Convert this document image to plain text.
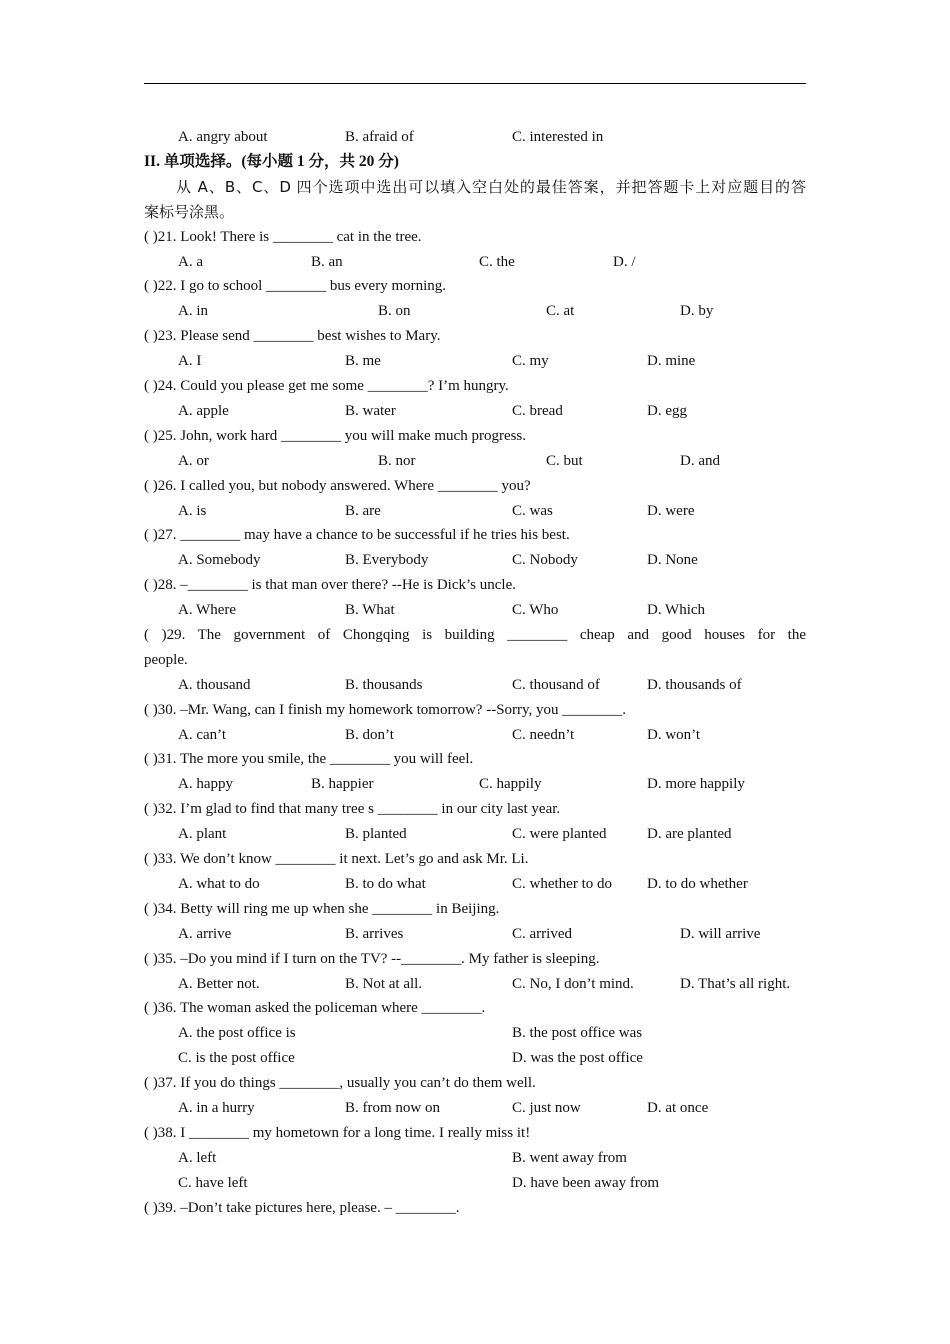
A. angry about	B. afraid of	C. interested in
II. 单项选择。(每小题 1 分，共 20 分)
从 A、B、C、D 四个选项中选出可以填入空白处的最佳答案，并把答题卡上对应题目的答
案标号涂黑。
( )21. Look! There is ________ cat in the tree.
A. a	B. an	C. the	D. /
( )22. I go to school ________ bus every morning.
A. in	B. on	C. at	D. by
( )23. Please send ________ best wishes to Mary.
A. I	B. me	C. my	D. mine
( )24. Could you please get me some ________? I’m hungry.
A. apple	B. water	C. bread	D. egg
( )25. John, work hard ________ you will make much progress.
A. or	B. nor	C. but	D. and
( )26. I called you, but nobody answered. Where ________ you?
A. is	B. are	C. was	D. were
( )27. ________ may have a chance to be successful if he tries his best.
A. Somebody	B. Everybody	C. Nobody	D. None
( )28. –________ is that man over there? --He is Dick’s uncle.
A. Where	B. What	C. Who	D. Which
( )29. The government of Chongqing is building ________ cheap and good houses for the
people.
A. thousand	B. thousands	C. thousand of	D. thousands of
( )30. –Mr. Wang, can I finish my homework tomorrow? --Sorry, you ________.
A. can’t	B. don’t	C. needn’t	D. won’t
( )31. The more you smile, the ________ you will feel.
A. happy	B. happier	C. happily	D. more happily
( )32. I’m glad to find that many tree s ________ in our city last year.
A. plant	B. planted	C. were planted	D. are planted
( )33. We don’t know ________ it next. Let’s go and ask Mr. Li.
A. what to do	B. to do what	C. whether to do D. to do whether
( )34. Betty will ring me up when she ________ in Beijing.
A. arrive	B. arrives	C. arrived	D. will arrive
( )35. –Do you mind if I turn on the TV? --________. My father is sleeping.
A. Better not.	B. Not at all.	C. No, I don’t mind.	D. That’s all right.
( )36. The woman asked the policeman where ________.
A. the post office is	B. the post office was
C. is the post office	D. was the post office
( )37. If you do things ________, usually you can’t do them well.
A. in a hurry	B. from now on	C. just now	D. at once
( )38. I ________ my hometown for a long time. I really miss it!
A. left	B. went away from
C. have left	D. have been away from
( )39. –Don’t take pictures here, please. – ________.
